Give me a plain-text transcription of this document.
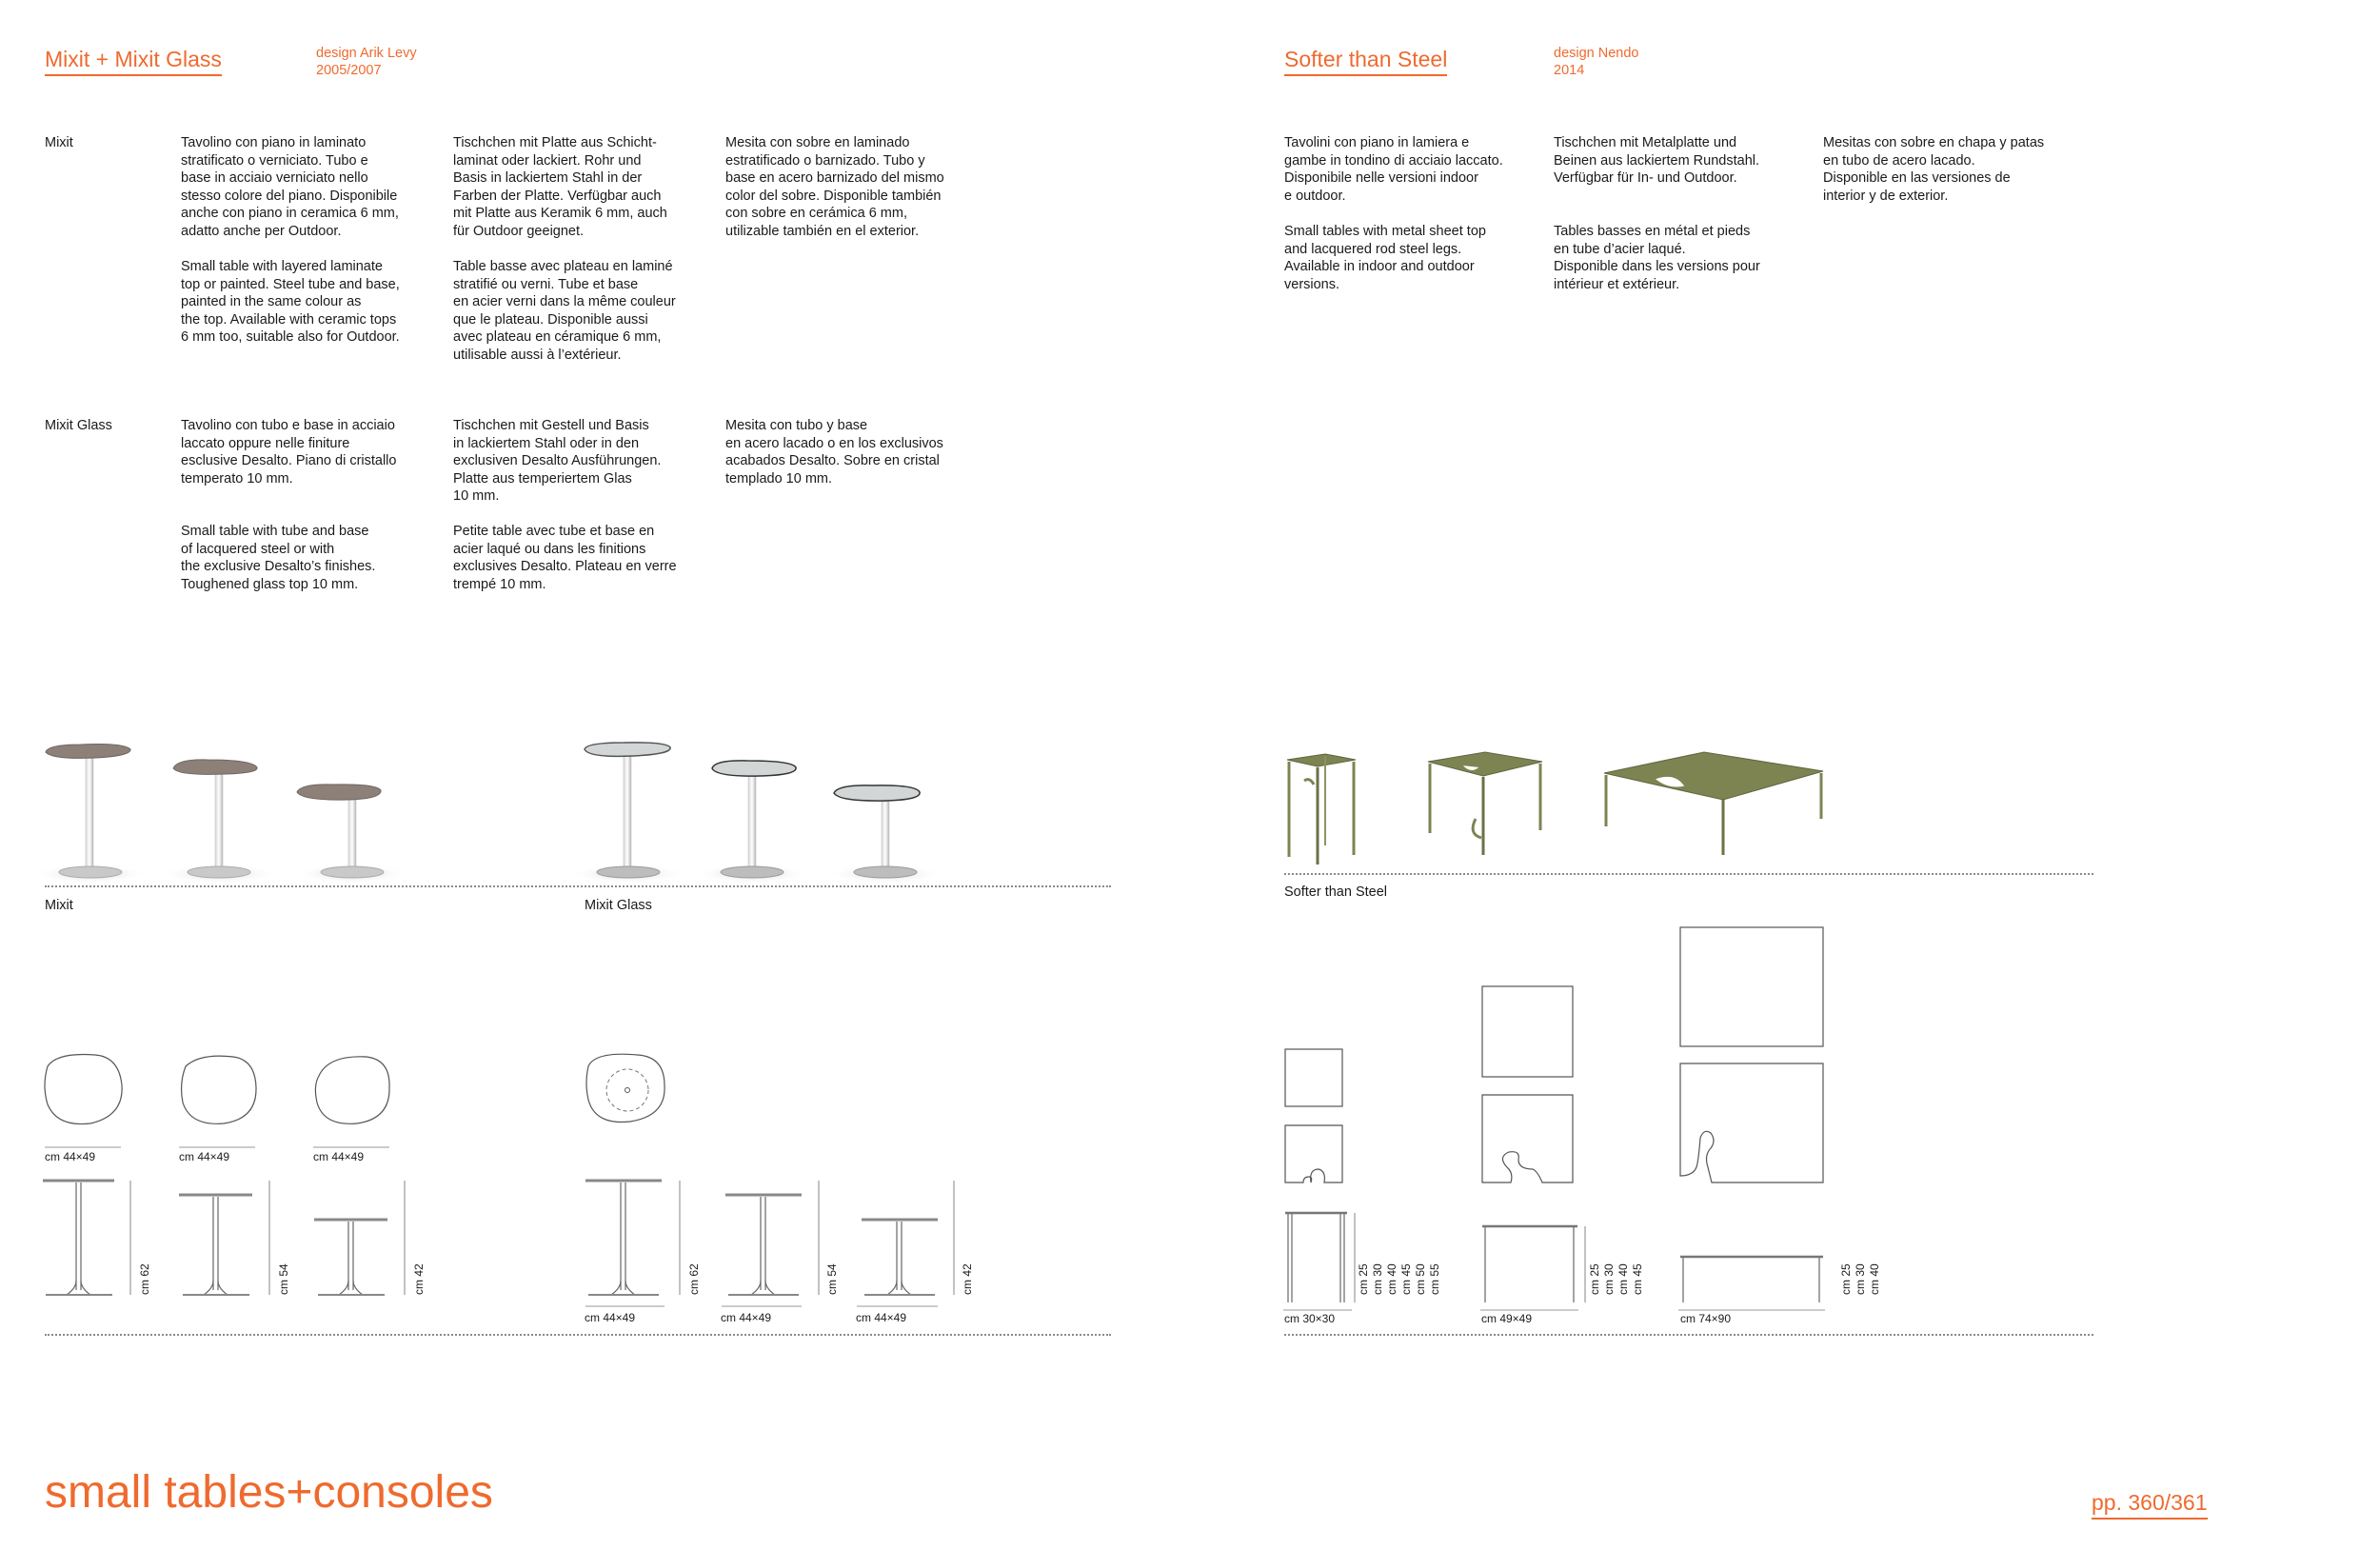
Mixit + Mixit Glass	design Arik Levy
2005/2007
Mixit	Tavolino con piano in laminato
stratificato o verniciato. Tubo e
base in acciaio verniciato nello
stesso colore del piano. Disponibile
anche con piano in ceramica 6 mm,
adatto anche per Outdoor.
Small table with layered laminate
top or painted. Steel tube and base,
painted in the same colour as
the top. Available with ceramic tops
6 mm too, suitable also for Outdoor.
Tischchen mit Platte aus Schicht-
laminat oder lackiert. Rohr und
Basis in lackiertem Stahl in der
Farben der Platte. Verfügbar auch
mit Platte aus Keramik 6 mm, auch
für Outdoor geeignet.
Table basse avec plateau en laminé
stratifié ou verni. Tube et base
en acier verni dans la même couleur
que le plateau. Disponible aussi
avec plateau en céramique 6 mm,
utilisable aussi à l’extérieur.
Mesita con sobre en laminado
estratificado o barnizado. Tubo y
base en acero barnizado del mismo
color del sobre. Disponible también
con sobre en cerámica 6 mm,
utilizable también en el exterior.
Mixit Glass	Tavolino con tubo e base in acciaio
laccato oppure nelle finiture
esclusive Desalto. Piano di cristallo
temperato 10 mm.
Small table with tube and base
of lacquered steel or with
the exclusive Desalto’s finishes.
Toughened glass top 10 mm.
Tischchen mit Gestell und Basis
in lackiertem Stahl oder in den
exclusiven Desalto Ausführungen.
Platte aus temperiertem Glas
10 mm.
Petite table avec tube et base en
acier laqué ou dans les finitions
exclusives Desalto. Plateau en verre
trempé 10 mm.
Mesita con tubo y base
en acero lacado o en los exclusivos
acabados Desalto. Sobre en cristal
templado 10 mm.
Mixit	Mixit Glass
cm 44×49	cm 44×49	cm 44×49
cm 62	cm 54	cm 42	cm 62	cm 54	cm 42
cm 44×49	cm 44×49	cm 44×49
Softer than Steel	design Nendo
2014
Tavolini con piano in lamiera e
gambe in tondino di acciaio laccato.
Disponibile nelle versioni indoor
e outdoor.
Small tables with metal sheet top
and lacquered rod steel legs.
Available in indoor and outdoor
versions.
Tischchen mit Metalplatte und
Beinen aus lackiertem Rundstahl.
Verfügbar für In- und Outdoor.
Tables basses en métal et pieds
en tube d’acier laqué.
Disponible dans les versions pour
intérieur et extérieur.
Mesitas con sobre en chapa y patas
en tubo de acero lacado.
Disponible en las versiones de
interior y de exterior.
Softer than Steel
cm 25 cm 30 cm 40 cm 45 cm 50 cm 55	cm 25 cm 30 cm 40 cm 45	cm 25 cm 30 cm 40
cm 30×30	cm 49×49	cm 74×90
small tables+consoles	pp. 360/361
